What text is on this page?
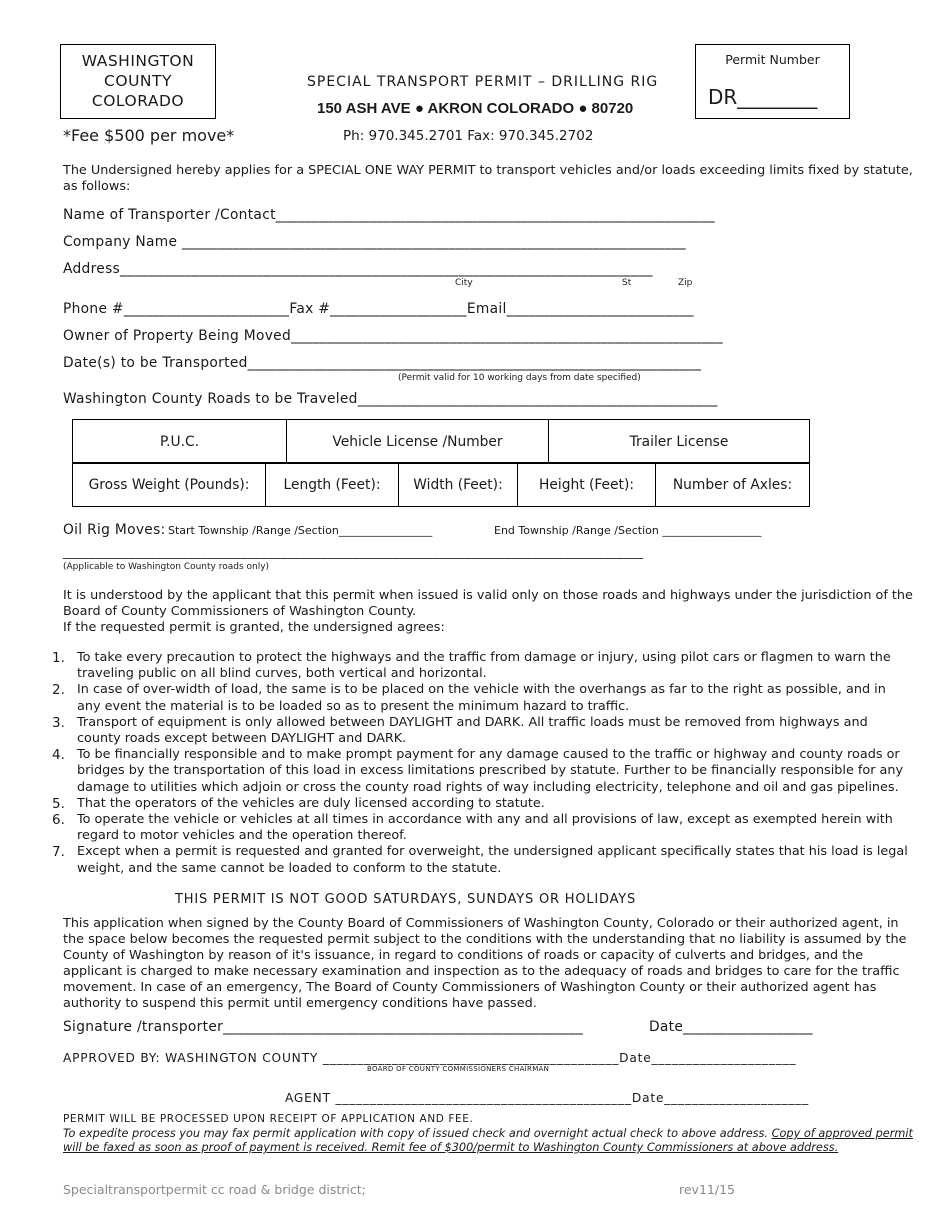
WASHINGTON
COUNTY
COLORADO
SPECIAL TRANSPORT PERMIT – DRILLING RIG
150 ASH AVE ● AKRON COLORADO ● 80720
*Fee $500 per move*	Ph: 970.345.2701 Fax: 970.345.2702
Permit Number
DR________
The Undersigned hereby applies for a SPECIAL ONE WAY PERMIT to transport vehicles and/or loads exceeding limits fixed by statute, as follows:
Name of Transporter /Contact_____________________________________________________________
Company Name ______________________________________________________________________
Address__________________________________________________________________________
City	St	Zip
Phone #_______________________Fax #___________________Email__________________________
Owner of Property Being Moved____________________________________________________________
Date(s) to be Transported_______________________________________________________________
(Permit valid for 10 working days from date specified)
Washington County Roads to be Traveled__________________________________________________
P.U.C.	Vehicle License /Number	Trailer License
Gross Weight (Pounds):	Length (Feet):	Width (Feet):	Height (Feet):	Number of Axles:
Oil Rig Moves: Start Township /Range /Section_________________	End Township /Range /Section __________________
________________________________________________________________________________________
(Applicable to Washington County roads only)
It is understood by the applicant that this permit when issued is valid only on those roads and highways under the jurisdiction of the Board of County Commissioners of Washington County.
If the requested permit is granted, the undersigned agrees:
1. To take every precaution to protect the highways and the traffic from damage or injury, using pilot cars or flagmen to warn the traveling public on all blind curves, both vertical and horizontal.
2. In case of over-width of load, the same is to be placed on the vehicle with the overhangs as far to the right as possible, and in any event the material is to be loaded so as to present the minimum hazard to traffic.
3. Transport of equipment is only allowed between DAYLIGHT and DARK. All traffic loads must be removed from highways and county roads except between DAYLIGHT and DARK.
4. To be financially responsible and to make prompt payment for any damage caused to the traffic or highway and county roads or bridges by the transportation of this load in excess limitations prescribed by statute. Further to be financially responsible for any damage to utilities which adjoin or cross the county road rights of way including electricity, telephone and oil and gas pipelines.
5. That the operators of the vehicles are duly licensed according to statute.
6. To operate the vehicle or vehicles at all times in accordance with any and all provisions of law, except as exempted herein with regard to motor vehicles and the operation thereof.
7. Except when a permit is requested and granted for overweight, the undersigned applicant specifically states that his load is legal weight, and the same cannot be loaded to conform to the statute.
THIS PERMIT IS NOT GOOD SATURDAYS, SUNDAYS OR HOLIDAYS
This application when signed by the County Board of Commissioners of Washington County, Colorado or their authorized agent, in the space below becomes the requested permit subject to the conditions with the understanding that no liability is assumed by the County of Washington by reason of it's issuance, in regard to conditions of roads or capacity of culverts and bridges, and the applicant is charged to make necessary examination and inspection as to the adequacy of roads and bridges to care for the traffic movement. In case of an emergency, The Board of County Commissioners of Washington County or their authorized agent has authority to suspend this permit until emergency conditions have passed.
Signature /transporter__________________________________________________	Date__________________
APPROVED BY: WASHINGTON COUNTY ___________________________________________Date_____________________
BOARD OF COUNTY COMMISSIONERS CHAIRMAN
AGENT ___________________________________________Date_____________________
PERMIT WILL BE PROCESSED UPON RECEIPT OF APPLICATION AND FEE.
To expedite process you may fax permit application with copy of issued check and overnight actual check to above address. Copy of approved permit will be faxed as soon as proof of payment is received. Remit fee of $300/permit to Washington County Commissioners at above address.
Specialtransportpermit cc road & bridge district;	rev11/15
